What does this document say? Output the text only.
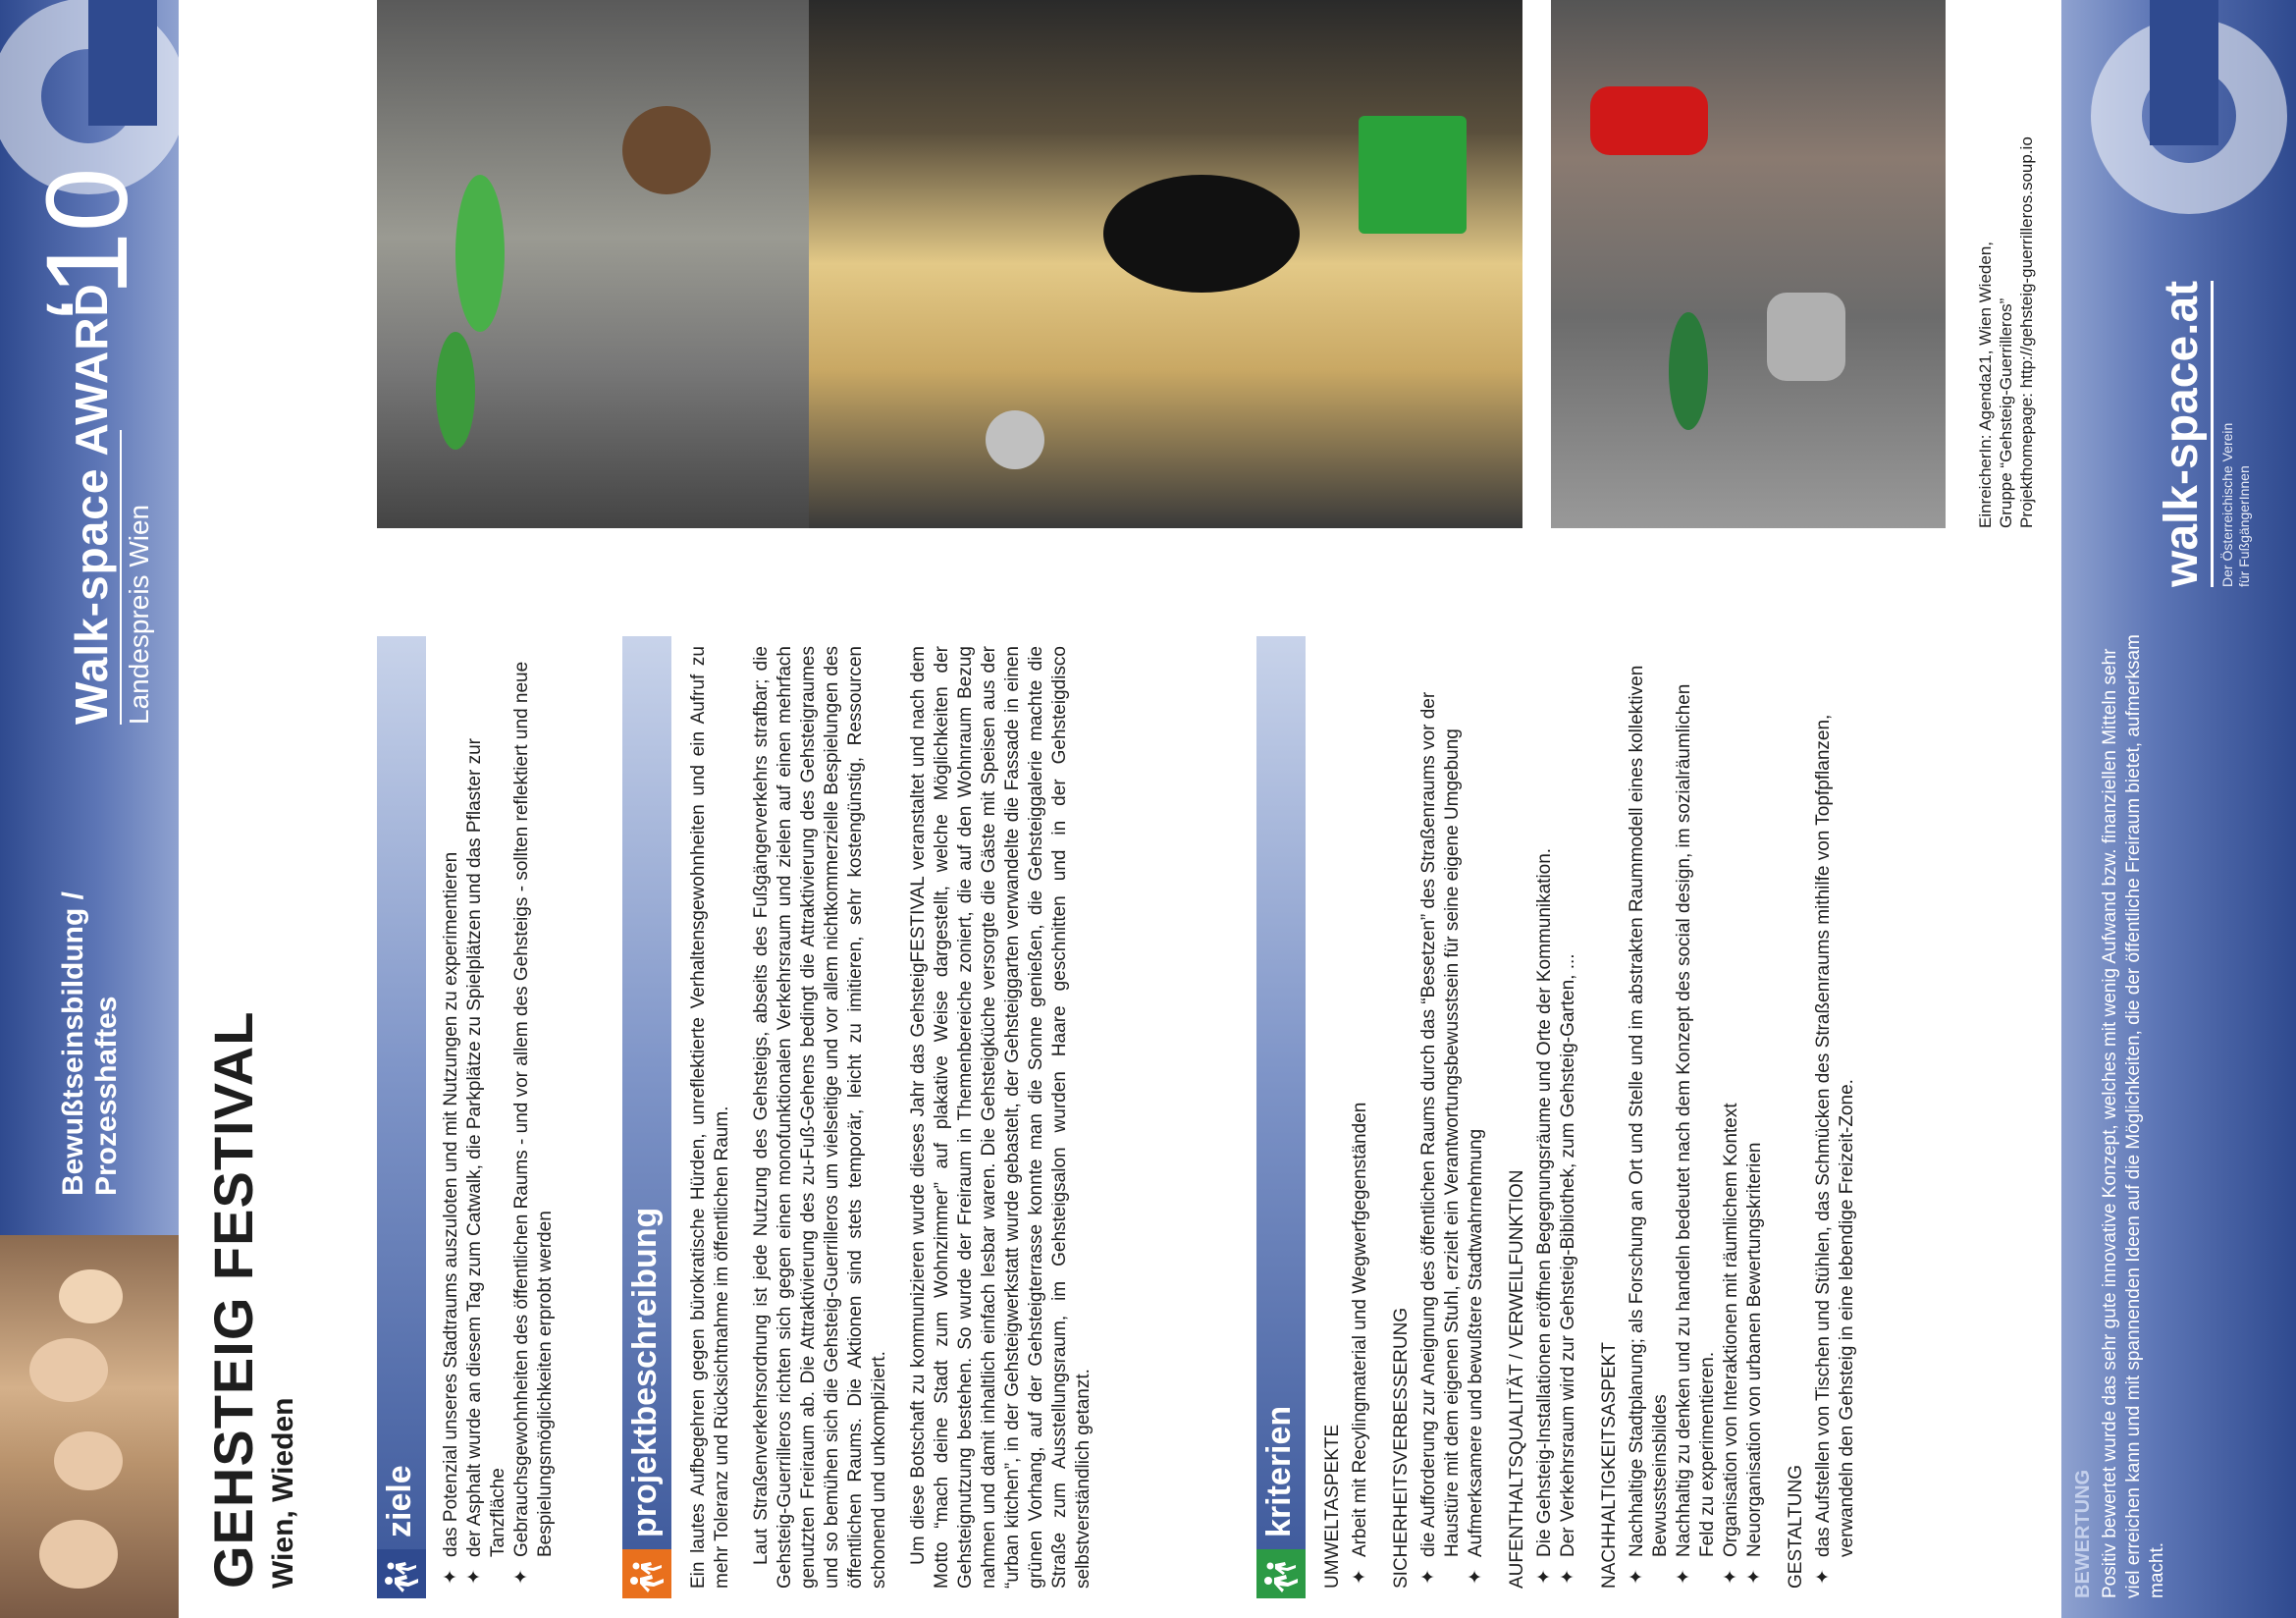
Bewußtseinsbildung /
Prozesshaftes
Walk-space AWARD Landespreis Wien
‘10
GEHSTEIG FESTIVAL Wien, Wieden ziele ✦ das Potenzial unseres Stadtraums auszuloten und mit Nutzungen zu experimentieren ✦ der Asphalt wurde an diesem Tag zum Catwalk, die Parkplätze zu Spielplätzen und das Pflaster zur Tanzfläche ✦ Gebrauchsgewohnheiten des öffentlichen Raums - und vor allem des Gehsteigs - sollten reflektiert und neue Bespielungsmöglichkeiten erprobt werden projektbeschreibung Ein lautes Aufbegehren gegen bürokratische Hürden, unreflektierte Verhaltensgewohnheiten und ein Aufruf zu mehr Toleranz und Rücksichtnahme im öffentlichen Raum. Laut Straßenverkehrsordnung ist jede Nutzung des Gehsteigs, abseits des Fußgängerverkehrs strafbar; die Gehsteig-Guerrilleros richten sich gegen einen monofunktionalen Verkehrsraum und zielen auf einen mehrfach genutzten Freiraum ab. Die Attraktivierung des zu-Fuß-Gehens bedingt die Attraktivierung des Gehsteigraumes und so bemühen sich die Gehsteig-Guerrilleros um vielseitige und vor allem nichtkommerzielle Bespielungen des öffentlichen Raums. Die Aktionen sind stets temporär, leicht zu imitieren, sehr kostengünstig, Ressourcen schonend und unkompliziert. Um diese Botschaft zu kommunizieren wurde dieses Jahr das GehsteigFESTIVAL veranstaltet und nach dem Motto “mach deine Stadt zum Wohnzimmer” auf plakative Weise dargestellt, welche Möglichkeiten der Gehsteignutzung bestehen. So wurde der Freiraum in Themenbereiche zoniert, die auf den Wohnraum Bezug nahmen und damit inhaltlich einfach lesbar waren. Die Gehsteigküche versorgte die Gäste mit Speisen aus der “urban kitchen”, in der Gehsteigwerkstatt wurde gebastelt, der Gehsteiggarten verwandelte die Fassade in einen grünen Vorhang, auf der Gehsteigterrasse konnte man die Sonne genießen, die Gehsteiggalerie machte die Straße zum Ausstellungsraum, im Gehsteigsalon wurden Haare geschnitten und in der Gehsteigdisco selbstverständlich getanzt.	kriterien UMWELTASPEKTE ✦ Arbeit mit Recylingmaterial und Wegwerfgegenständen SICHERHEITSVERBESSERUNG ✦ die Aufforderung zur Aneignung des öffentlichen Raums durch das “Besetzen” des Straßenraums vor der Haustüre mit dem eigenen Stuhl, erzielt ein Verantwortungsbewusstsein für seine eigene Umgebung ✦ Aufmerksamere und bewußtere Stadtwahrnehmung AUFENTHALTSQUALITÄT / VERWEILFUNKTION ✦ Die Gehsteig-Installationen eröffnen Begegnungsräume und Orte der Kommunikation. ✦ Der Verkehrsraum wird zur Gehsteig-Bibliothek, zum Gehsteig-Garten, ... NACHHALTIGKEITSASPEKT ✦ Nachhaltige Stadtplanung; als Forschung an Ort und Stelle und im abstrakten Raummodell eines kollektiven Bewusstseinsbildes ✦ Nachhaltig zu denken und zu handeln bedeutet nach dem Konzept des social design, im sozialräumlichen Feld zu experimentieren. ✦ Organisation von Interaktionen mit räumlichem Kontext ✦ Neuorganisation von urbanen Bewertungskriterien GESTALTUNG ✦ das Aufstellen von Tischen und Stühlen, das Schmücken des Straßenraums mithilfe von Topfpflanzen, verwandeln den Gehsteig in eine lebendige Freizeit-Zone.
EinreicherIn: Agenda21, Wien Wieden, Gruppe “Gehsteig-Guerrilleros” Projekthomepage: http://gehsteig-guerrilleros.soup.io
BEWERTUNG Positiv bewertet wurde das sehr gute innovative Konzept, welches mit wenig Aufwand bzw. finanziellen Mitteln sehr viel erreichen kann und mit spannenden Ideen auf die Möglichkeiten, die der öffentliche Freiraum bietet, aufmerksam macht.
walk-space.at Der Österreichische Verein für FußgängerInnen
